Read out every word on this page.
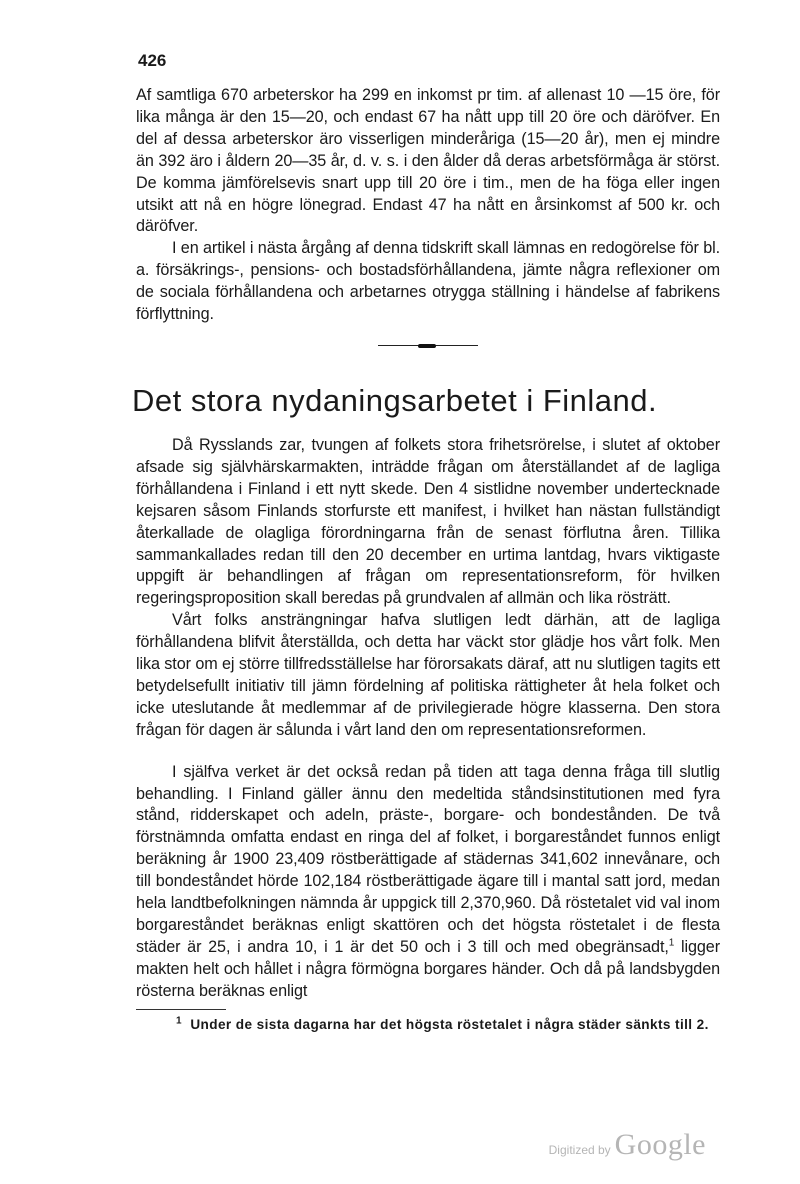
426

Af samtliga 670 arbeterskor ha 299 en inkomst pr tim. af allenast 10 —15 öre, för lika många är den 15—20, och endast 67 ha nått upp till 20 öre och däröfver. En del af dessa arbeterskor äro visserligen minderåriga (15—20 år), men ej mindre än 392 äro i åldern 20—35 år, d. v. s. i den ålder då deras arbetsförmåga är störst. De komma jämförelsevis snart upp till 20 öre i tim., men de ha föga eller ingen utsikt att nå en högre lönegrad. Endast 47 ha nått en årsinkomst af 500 kr. och däröfver.

I en artikel i nästa årgång af denna tidskrift skall lämnas en redogörelse för bl. a. försäkrings-, pensions- och bostadsförhållandena, jämte några reflexioner om de sociala förhållandena och arbetarnes otrygga ställning i händelse af fabrikens förflyttning.

Det stora nydaningsarbetet i Finland.

Då Rysslands zar, tvungen af folkets stora frihetsrörelse, i slutet af oktober afsade sig självhärskarmakten, inträdde frågan om återställandet af de lagliga förhållandena i Finland i ett nytt skede. Den 4 sistlidne november undertecknade kejsaren såsom Finlands storfurste ett manifest, i hvilket han nästan fullständigt återkallade de olagliga förordningarna från de senast förflutna åren. Tillika sammankallades redan till den 20 december en urtima lantdag, hvars viktigaste uppgift är behandlingen af frågan om representationsreform, för hvilken regeringsproposition skall beredas på grundvalen af allmän och lika rösträtt.

Vårt folks ansträngningar hafva slutligen ledt därhän, att de lagliga förhållandena blifvit återställda, och detta har väckt stor glädje hos vårt folk. Men lika stor om ej större tillfredsställelse har förorsakats däraf, att nu slutligen tagits ett betydelsefullt initiativ till jämn fördelning af politiska rättigheter åt hela folket och icke uteslutande åt medlemmar af de privilegierade högre klasserna. Den stora frågan för dagen är sålunda i vårt land den om representationsreformen.

I själfva verket är det också redan på tiden att taga denna fråga till slutlig behandling. I Finland gäller ännu den medeltida ståndsinstitutionen med fyra stånd, ridderskapet och adeln, präste-, borgare- och bondestånden. De två förstnämnda omfatta endast en ringa del af folket, i borgareståndet funnos enligt beräkning år 1900 23,409 röstberättigade af städernas 341,602 innevånare, och till bondeståndet hörde 102,184 röstberättigade ägare till i mantal satt jord, medan hela landtbefolkningen nämnda år uppgick till 2,370,960. Då röstetalet vid val inom borgareståndet beräknas enligt skattören och det högsta röstetalet i de flesta städer är 25, i andra 10, i 1 är det 50 och i 3 till och med obegränsadt,$^1$ ligger makten helt och hållet i några förmögna borgares händer. Och då på landsbygden rösterna beräknas enligt

$^1$ Under de sista dagarna har det högsta röstetalet i några städer sänkts till 2.

Digitized by Google
